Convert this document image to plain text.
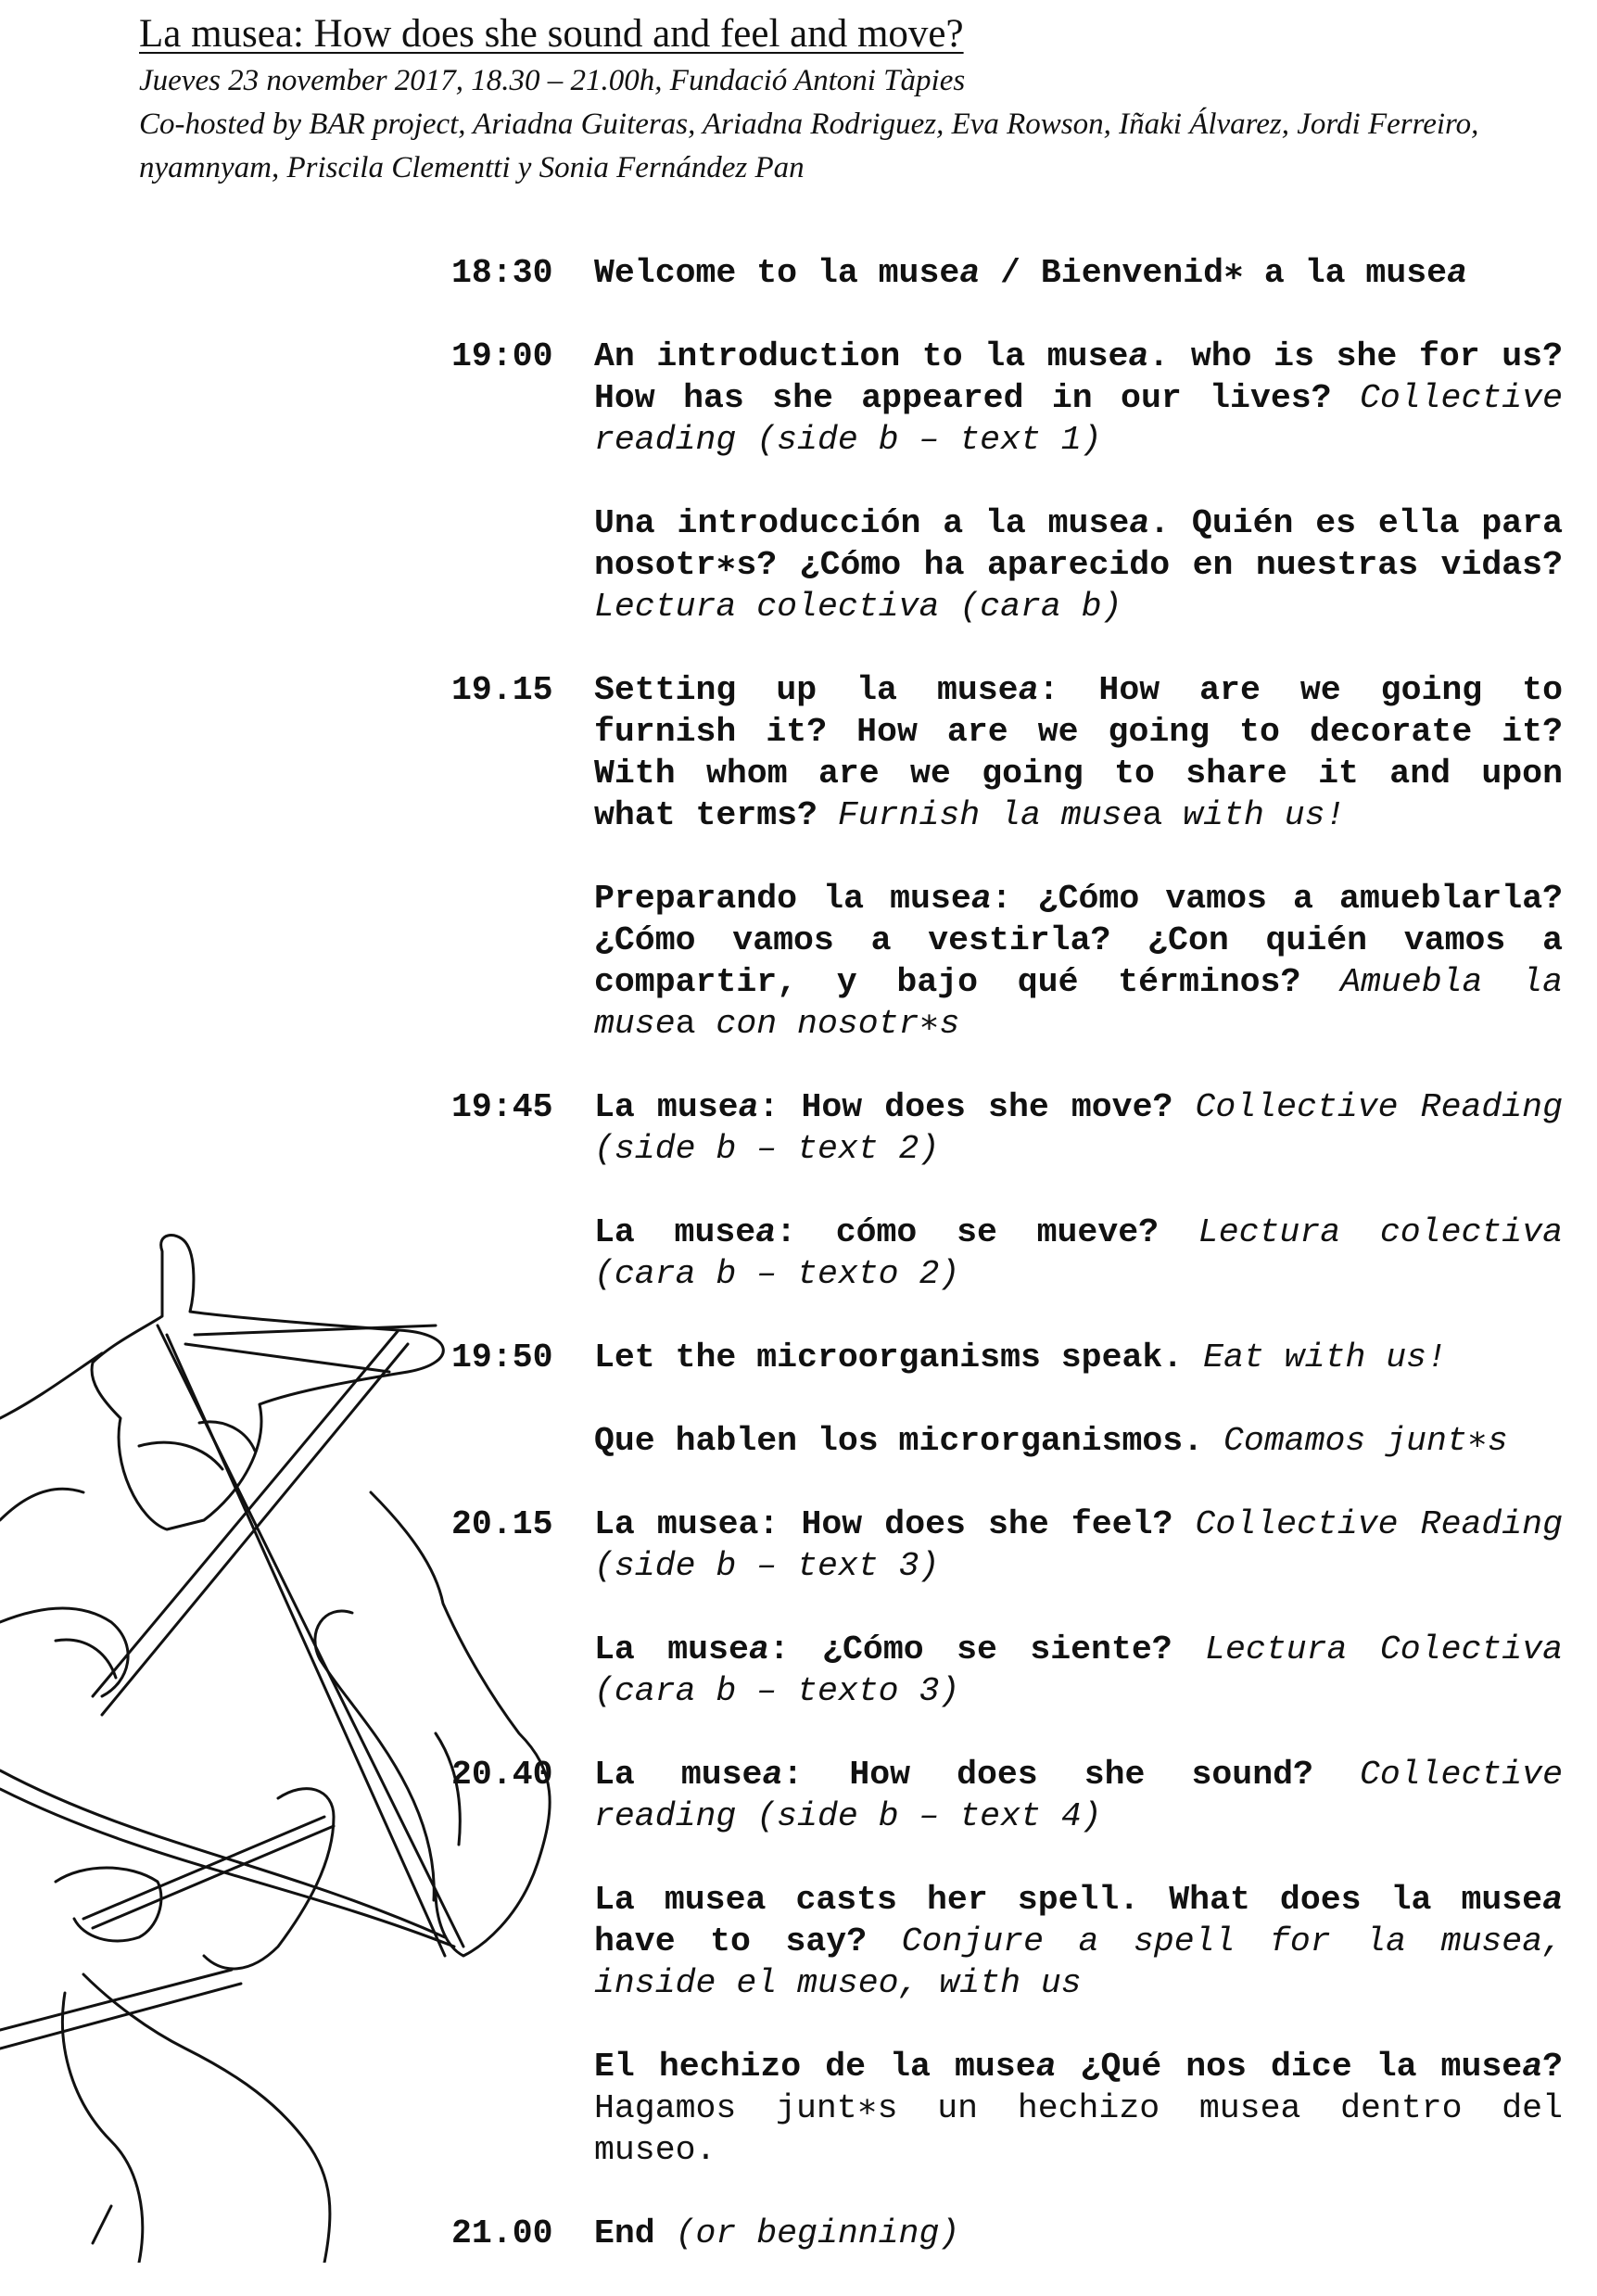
La musea: How does she sound and feel and move?
Jueves 23 november 2017, 18.30 – 21.00h, Fundació Antoni Tàpies
Co-hosted by BAR project, Ariadna Guiteras, Ariadna Rodriguez, Eva Rowson, Iñaki Álvarez, Jordi Ferreiro,
nyamnyam, Priscila Clementti y Sonia Fernández Pan
18:30	Welcome to la musea / Bienvenid∗ a la musea

19:00	An introduction to la musea. who is she for us? How has she appeared in our lives? Collective reading (side b – text 1)

Una introducción a la musea. Quién es ella para nosotr∗s? ¿Cómo ha aparecido en nuestras vidas? Lectura colectiva (cara b)

19.15	Setting up la musea: How are we going to furnish it? How are we going to decorate it? With whom are we going to share it and upon what terms? Furnish la musea with us!

Preparando la musea: ¿Cómo vamos a amueblarla? ¿Cómo vamos a vestirla? ¿Con quién vamos a compartir, y bajo qué términos? Amuebla la musea con nosotr∗s

19:45	La musea: How does she move? Collective Reading (side b – text 2)

La musea: cómo se mueve? Lectura colectiva (cara b – texto 2)

19:50	Let the microorganisms speak. Eat with us!

Que hablen los microrganismos. Comamos junt∗s

20.15	La musea: How does she feel? Collective Reading (side b – text 3)

La musea: ¿Cómo se siente? Lectura Colectiva (cara b – texto 3)

20.40	La musea: How does she sound? Collective reading (side b – text 4)

La musea casts her spell. What does la musea have to say? Conjure a spell for la musea, inside el museo, with us

El hechizo de la musea ¿Qué nos dice la musea? Hagamos junt∗s un hechizo musea dentro del museo.

21.00	End (or beginning)
